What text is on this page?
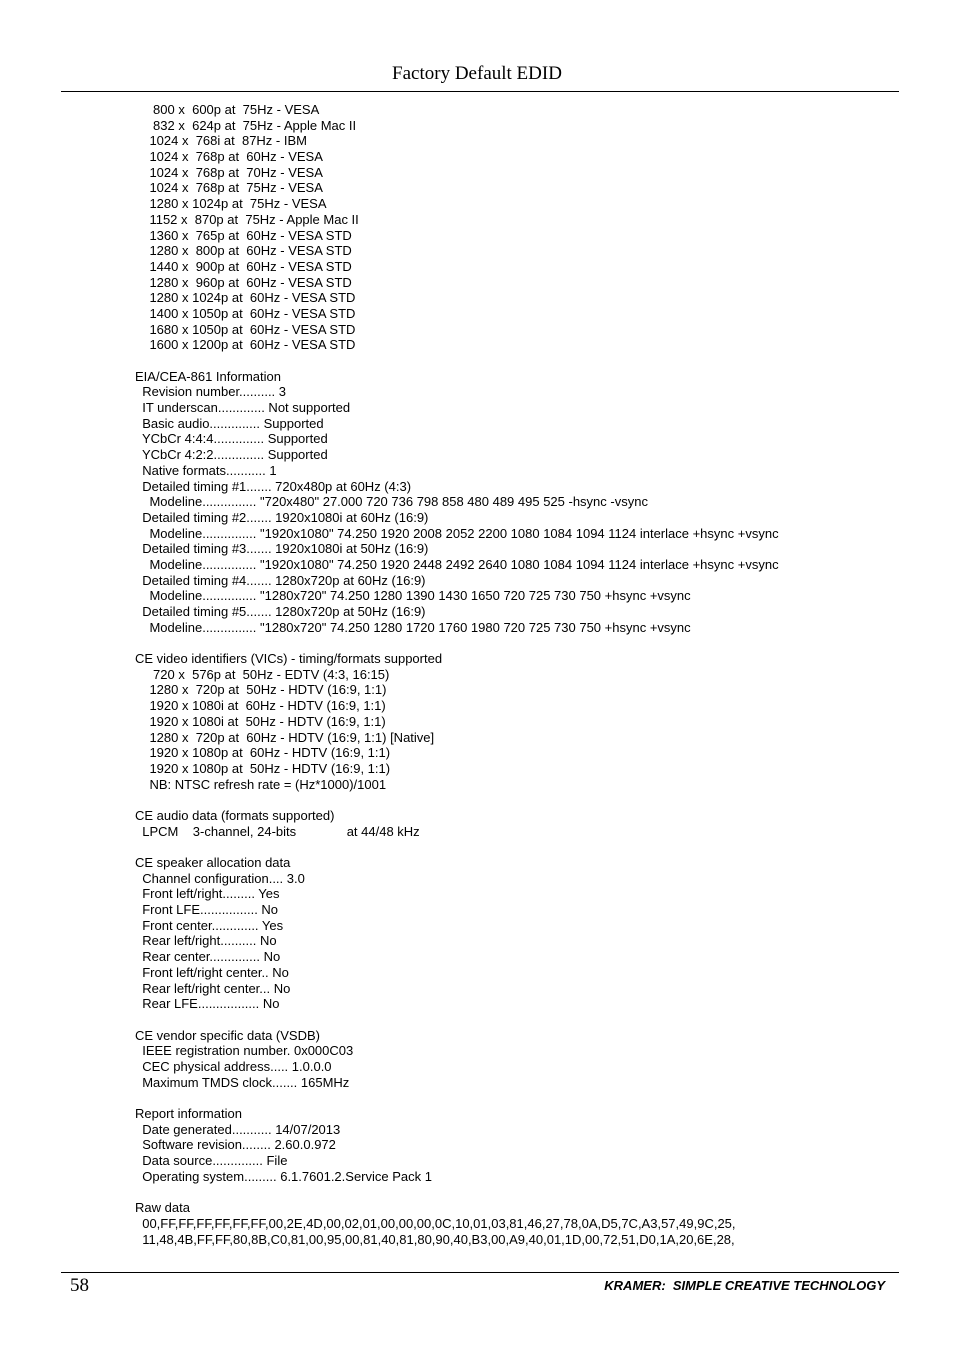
Factory Default EDID
800 x  600p at  75Hz - VESA
832 x  624p at  75Hz - Apple Mac II
1024 x  768i at  87Hz - IBM
1024 x  768p at  60Hz - VESA
1024 x  768p at  70Hz - VESA
1024 x  768p at  75Hz - VESA
1280 x 1024p at  75Hz - VESA
1152 x  870p at  75Hz - Apple Mac II
1360 x  765p at  60Hz - VESA STD
1280 x  800p at  60Hz - VESA STD
1440 x  900p at  60Hz - VESA STD
1280 x  960p at  60Hz - VESA STD
1280 x 1024p at  60Hz - VESA STD
1400 x 1050p at  60Hz - VESA STD
1680 x 1050p at  60Hz - VESA STD
1600 x 1200p at  60Hz - VESA STD
EIA/CEA-861 Information
Revision number.......... 3
IT underscan............. Not supported
Basic audio.............. Supported
YCbCr 4:4:4.............. Supported
YCbCr 4:2:2.............. Supported
Native formats........... 1
Detailed timing #1....... 720x480p at 60Hz (4:3)
Modeline............... "720x480" 27.000 720 736 798 858 480 489 495 525 -hsync -vsync
Detailed timing #2....... 1920x1080i at 60Hz (16:9)
Modeline............... "1920x1080" 74.250 1920 2008 2052 2200 1080 1084 1094 1124 interlace +hsync +vsync
Detailed timing #3....... 1920x1080i at 50Hz (16:9)
Modeline............... "1920x1080" 74.250 1920 2448 2492 2640 1080 1084 1094 1124 interlace +hsync +vsync
Detailed timing #4....... 1280x720p at 60Hz (16:9)
Modeline............... "1280x720" 74.250 1280 1390 1430 1650 720 725 730 750 +hsync +vsync
Detailed timing #5....... 1280x720p at 50Hz (16:9)
Modeline............... "1280x720" 74.250 1280 1720 1760 1980 720 725 730 750 +hsync +vsync
CE video identifiers (VICs) - timing/formats supported
720 x  576p at  50Hz - EDTV (4:3, 16:15)
1280 x  720p at  50Hz - HDTV (16:9, 1:1)
1920 x 1080i at  60Hz - HDTV (16:9, 1:1)
1920 x 1080i at  50Hz - HDTV (16:9, 1:1)
1280 x  720p at  60Hz - HDTV (16:9, 1:1) [Native]
1920 x 1080p at  60Hz - HDTV (16:9, 1:1)
1920 x 1080p at  50Hz - HDTV (16:9, 1:1)
NB: NTSC refresh rate = (Hz*1000)/1001
CE audio data (formats supported)
LPCM    3-channel, 24-bits              at 44/48 kHz
CE speaker allocation data
Channel configuration.... 3.0
Front left/right......... Yes
Front LFE................ No
Front center............. Yes
Rear left/right.......... No
Rear center.............. No
Front left/right center.. No
Rear left/right center... No
Rear LFE................. No
CE vendor specific data (VSDB)
IEEE registration number. 0x000C03
CEC physical address..... 1.0.0.0
Maximum TMDS clock....... 165MHz
Report information
Date generated........... 14/07/2013
Software revision........ 2.60.0.972
Data source.............. File
Operating system......... 6.1.7601.2.Service Pack 1
Raw data
00,FF,FF,FF,FF,FF,FF,00,2E,4D,00,02,01,00,00,00,0C,10,01,03,81,46,27,78,0A,D5,7C,A3,57,49,9C,25,
11,48,4B,FF,FF,80,8B,C0,81,00,95,00,81,40,81,80,90,40,B3,00,A9,40,01,1D,00,72,51,D0,1A,20,6E,28,
58	KRAMER:  SIMPLE CREATIVE TECHNOLOGY
